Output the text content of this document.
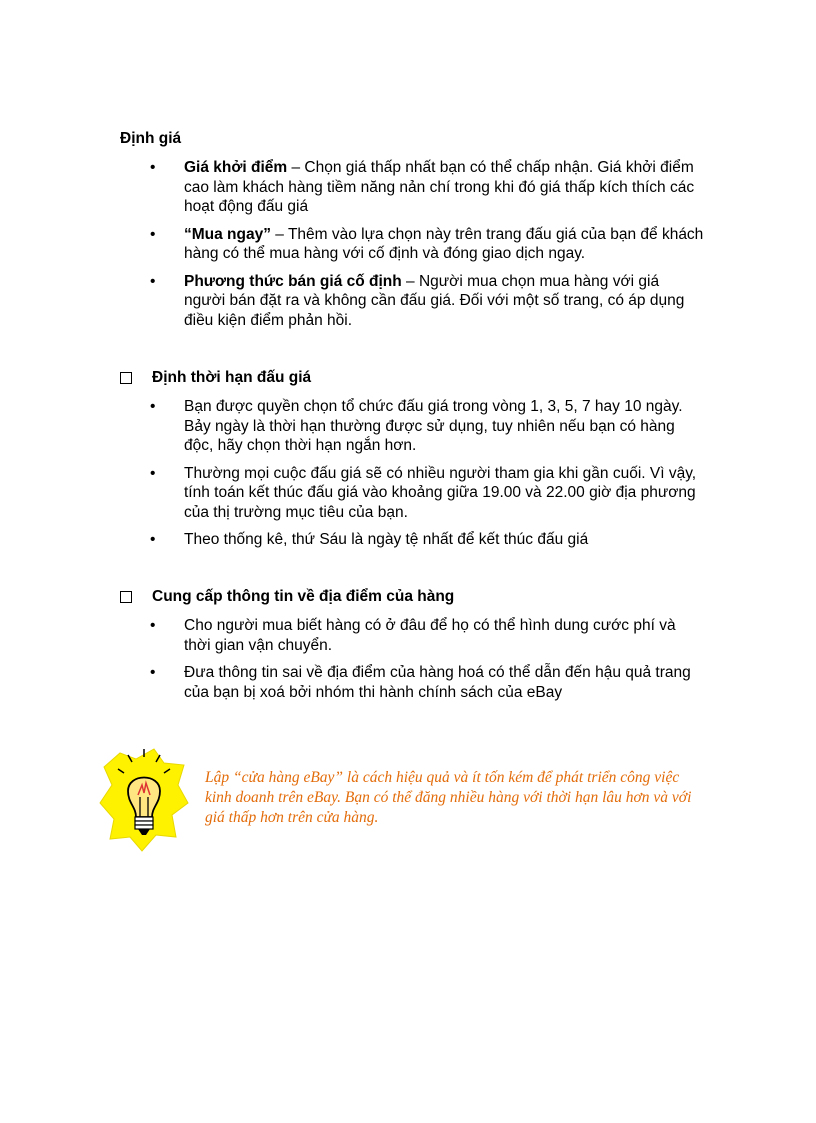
Định giá
• Giá khởi điểm – Chọn giá thấp nhất bạn có thể chấp nhận. Giá khởi điểm cao làm khách hàng tiềm năng nản chí trong khi đó giá thấp kích thích các hoạt động đấu giá
• “Mua ngay” – Thêm vào lựa chọn này trên trang đấu giá của bạn để khách hàng có thể mua hàng với cố định và đóng giao dịch ngay.
• Phương thức bán giá cố định – Người mua chọn mua hàng với giá người bán đặt ra và không cần đấu giá. Đối với một số trang, có áp dụng điều kiện điểm phản hồi.
Định thời hạn đấu giá
• Bạn được quyền chọn tổ chức đấu giá trong vòng 1, 3, 5, 7 hay 10 ngày. Bảy ngày là thời hạn thường được sử dụng, tuy nhiên nếu bạn có hàng độc, hãy chọn thời hạn ngắn hơn.
• Thường mọi cuộc đấu giá sẽ có nhiều người tham gia khi gần cuối. Vì vậy, tính toán kết thúc đấu giá vào khoảng giữa 19.00 và 22.00 giờ địa phương của thị trường mục tiêu của bạn.
• Theo thống kê, thứ Sáu là ngày tệ nhất để kết thúc đấu giá
Cung cấp thông tin về địa điểm của hàng
• Cho người mua biết hàng có ở đâu để họ có thể hình dung cước phí và thời gian vận chuyển.
• Đưa thông tin sai về địa điểm của hàng hoá có thể dẫn đến hậu quả trang của bạn bị xoá bởi nhóm thi hành chính sách của eBay
Lập “cửa hàng eBay” là cách hiệu quả và ít tốn kém để phát triển công việc kinh doanh trên eBay. Bạn có thể đăng nhiều hàng với thời hạn lâu hơn và với giá thấp hơn trên cửa hàng.
